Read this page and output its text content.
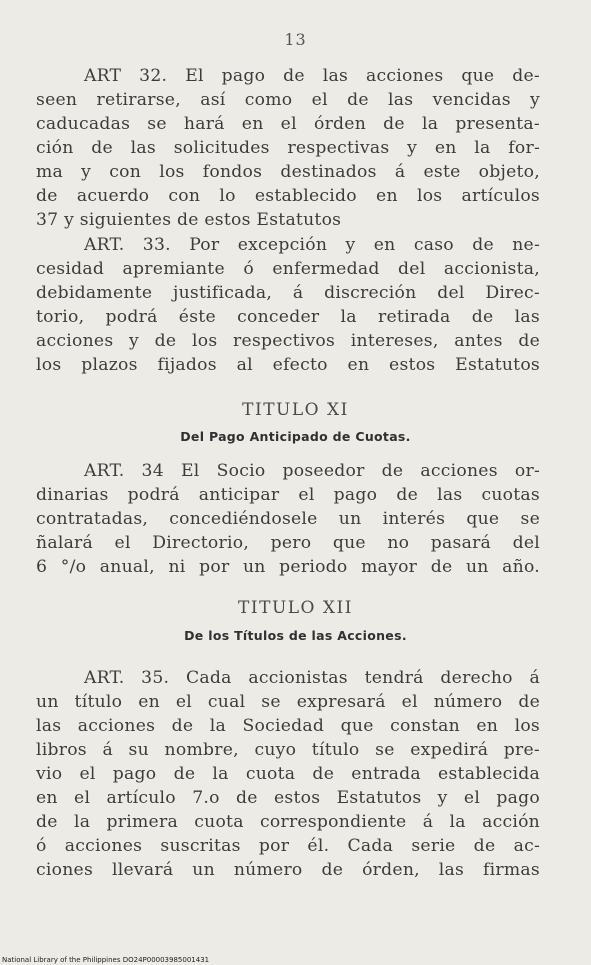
13
ART 32. El pago de las acciones que de-
seen retirarse, así como el de las vencidas y
caducadas se hará en el órden de la presenta-
ción de las solicitudes respectivas y en la for-
ma y con los fondos destinados á este objeto,
de acuerdo con lo establecido en los artículos
37 y siguientes de estos Estatutos
ART. 33. Por excepción y en caso de ne-
cesidad apremiante ó enfermedad del accionista,
debidamente justificada, á discreción del Direc-
torio, podrá éste conceder la retirada de las
acciones y de los respectivos intereses, antes de
los plazos fijados al efecto en estos Estatutos
TITULO XI
Del Pago Anticipado de Cuotas.
ART. 34 El Socio poseedor de acciones or-
dinarias podrá anticipar el pago de las cuotas
contratadas, concediéndosele un interés que se
ñalará el Directorio, pero que no pasará del
6 °/o anual, ni por un periodo mayor de un año.
TITULO XII
De los Títulos de las Acciones.
ART. 35. Cada accionistas tendrá derecho á
un título en el cual se expresará el número de
las acciones de la Sociedad que constan en los
libros á su nombre, cuyo título se expedirá pre-
vio el pago de la cuota de entrada establecida
en el artículo 7.o de estos Estatutos y el pago
de la primera cuota correspondiente á la acción
ó acciones suscritas por él. Cada serie de ac-
ciones llevará un número de órden, las firmas
National Library of the Philippines DO24P00003985001431
